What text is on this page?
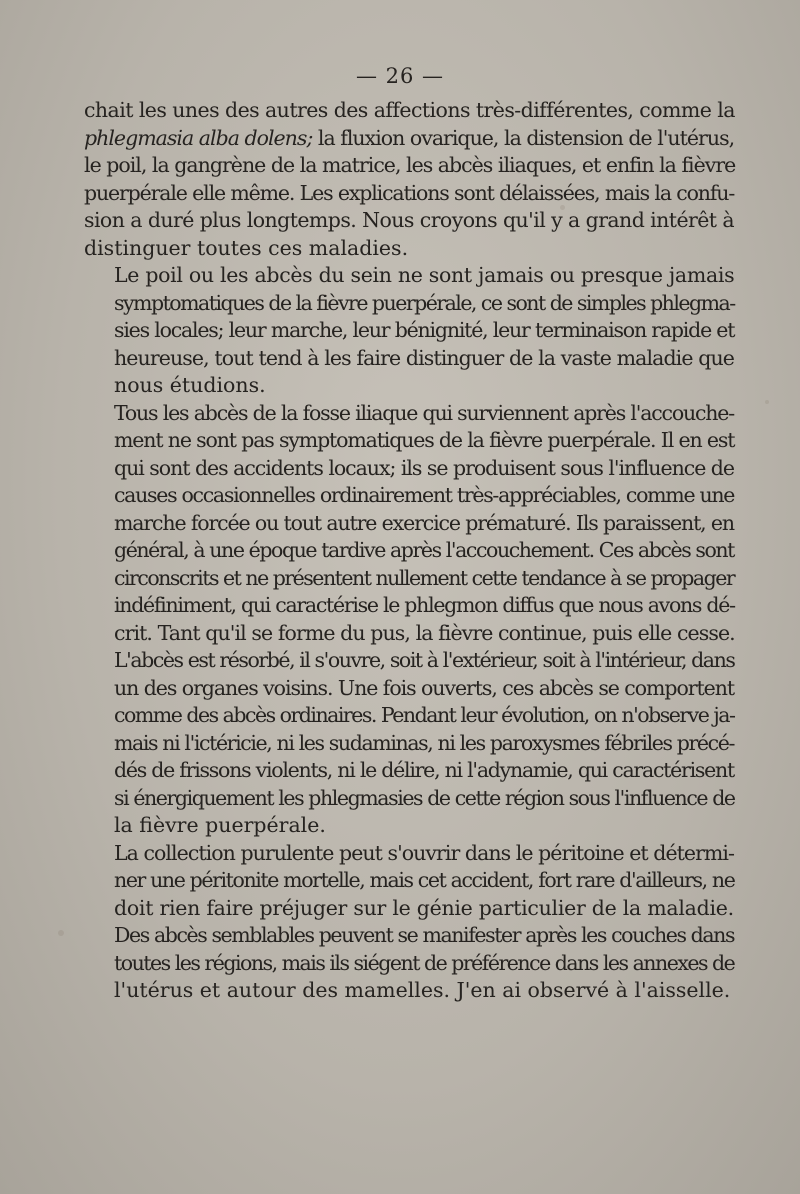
— 26 —

chait les unes des autres des affections très-différentes, comme la
phlegmasia alba dolens; la fluxion ovarique, la distension de l'utérus,
le poil, la gangrène de la matrice, les abcès iliaques, et enfin la fièvre
puerpérale elle même. Les explications sont délaissées, mais la confu-
sion a duré plus longtemps. Nous croyons qu'il y a grand intérêt à
distinguer toutes ces maladies.

Le poil ou les abcès du sein ne sont jamais ou presque jamais
symptomatiques de la fièvre puerpérale, ce sont de simples phlegma-
sies locales; leur marche, leur bénignité, leur terminaison rapide et
heureuse, tout tend à les faire distinguer de la vaste maladie que
nous étudions.

Tous les abcès de la fosse iliaque qui surviennent après l'accouche-
ment ne sont pas symptomatiques de la fièvre puerpérale. Il en est
qui sont des accidents locaux; ils se produisent sous l'influence de
causes occasionnelles ordinairement très-appréciables, comme une
marche forcée ou tout autre exercice prématuré. Ils paraissent, en
général, à une époque tardive après l'accouchement. Ces abcès sont
circonscrits et ne présentent nullement cette tendance à se propager
indéfiniment, qui caractérise le phlegmon diffus que nous avons dé-
crit. Tant qu'il se forme du pus, la fièvre continue, puis elle cesse.
L'abcès est résorbé, il s'ouvre, soit à l'extérieur, soit à l'intérieur, dans
un des organes voisins. Une fois ouverts, ces abcès se comportent
comme des abcès ordinaires. Pendant leur évolution, on n'observe ja-
mais ni l'ictéricie, ni les sudaminas, ni les paroxysmes fébriles précé-
dés de frissons violents, ni le délire, ni l'adynamie, qui caractérisent
si énergiquement les phlegmasies de cette région sous l'influence de
la fièvre puerpérale.

La collection purulente peut s'ouvrir dans le péritoine et détermi-
ner une péritonite mortelle, mais cet accident, fort rare d'ailleurs, ne
doit rien faire préjuger sur le génie particulier de la maladie.

Des abcès semblables peuvent se manifester après les couches dans
toutes les régions, mais ils siégent de préférence dans les annexes de
l'utérus et autour des mamelles. J'en ai observé à l'aisselle.
